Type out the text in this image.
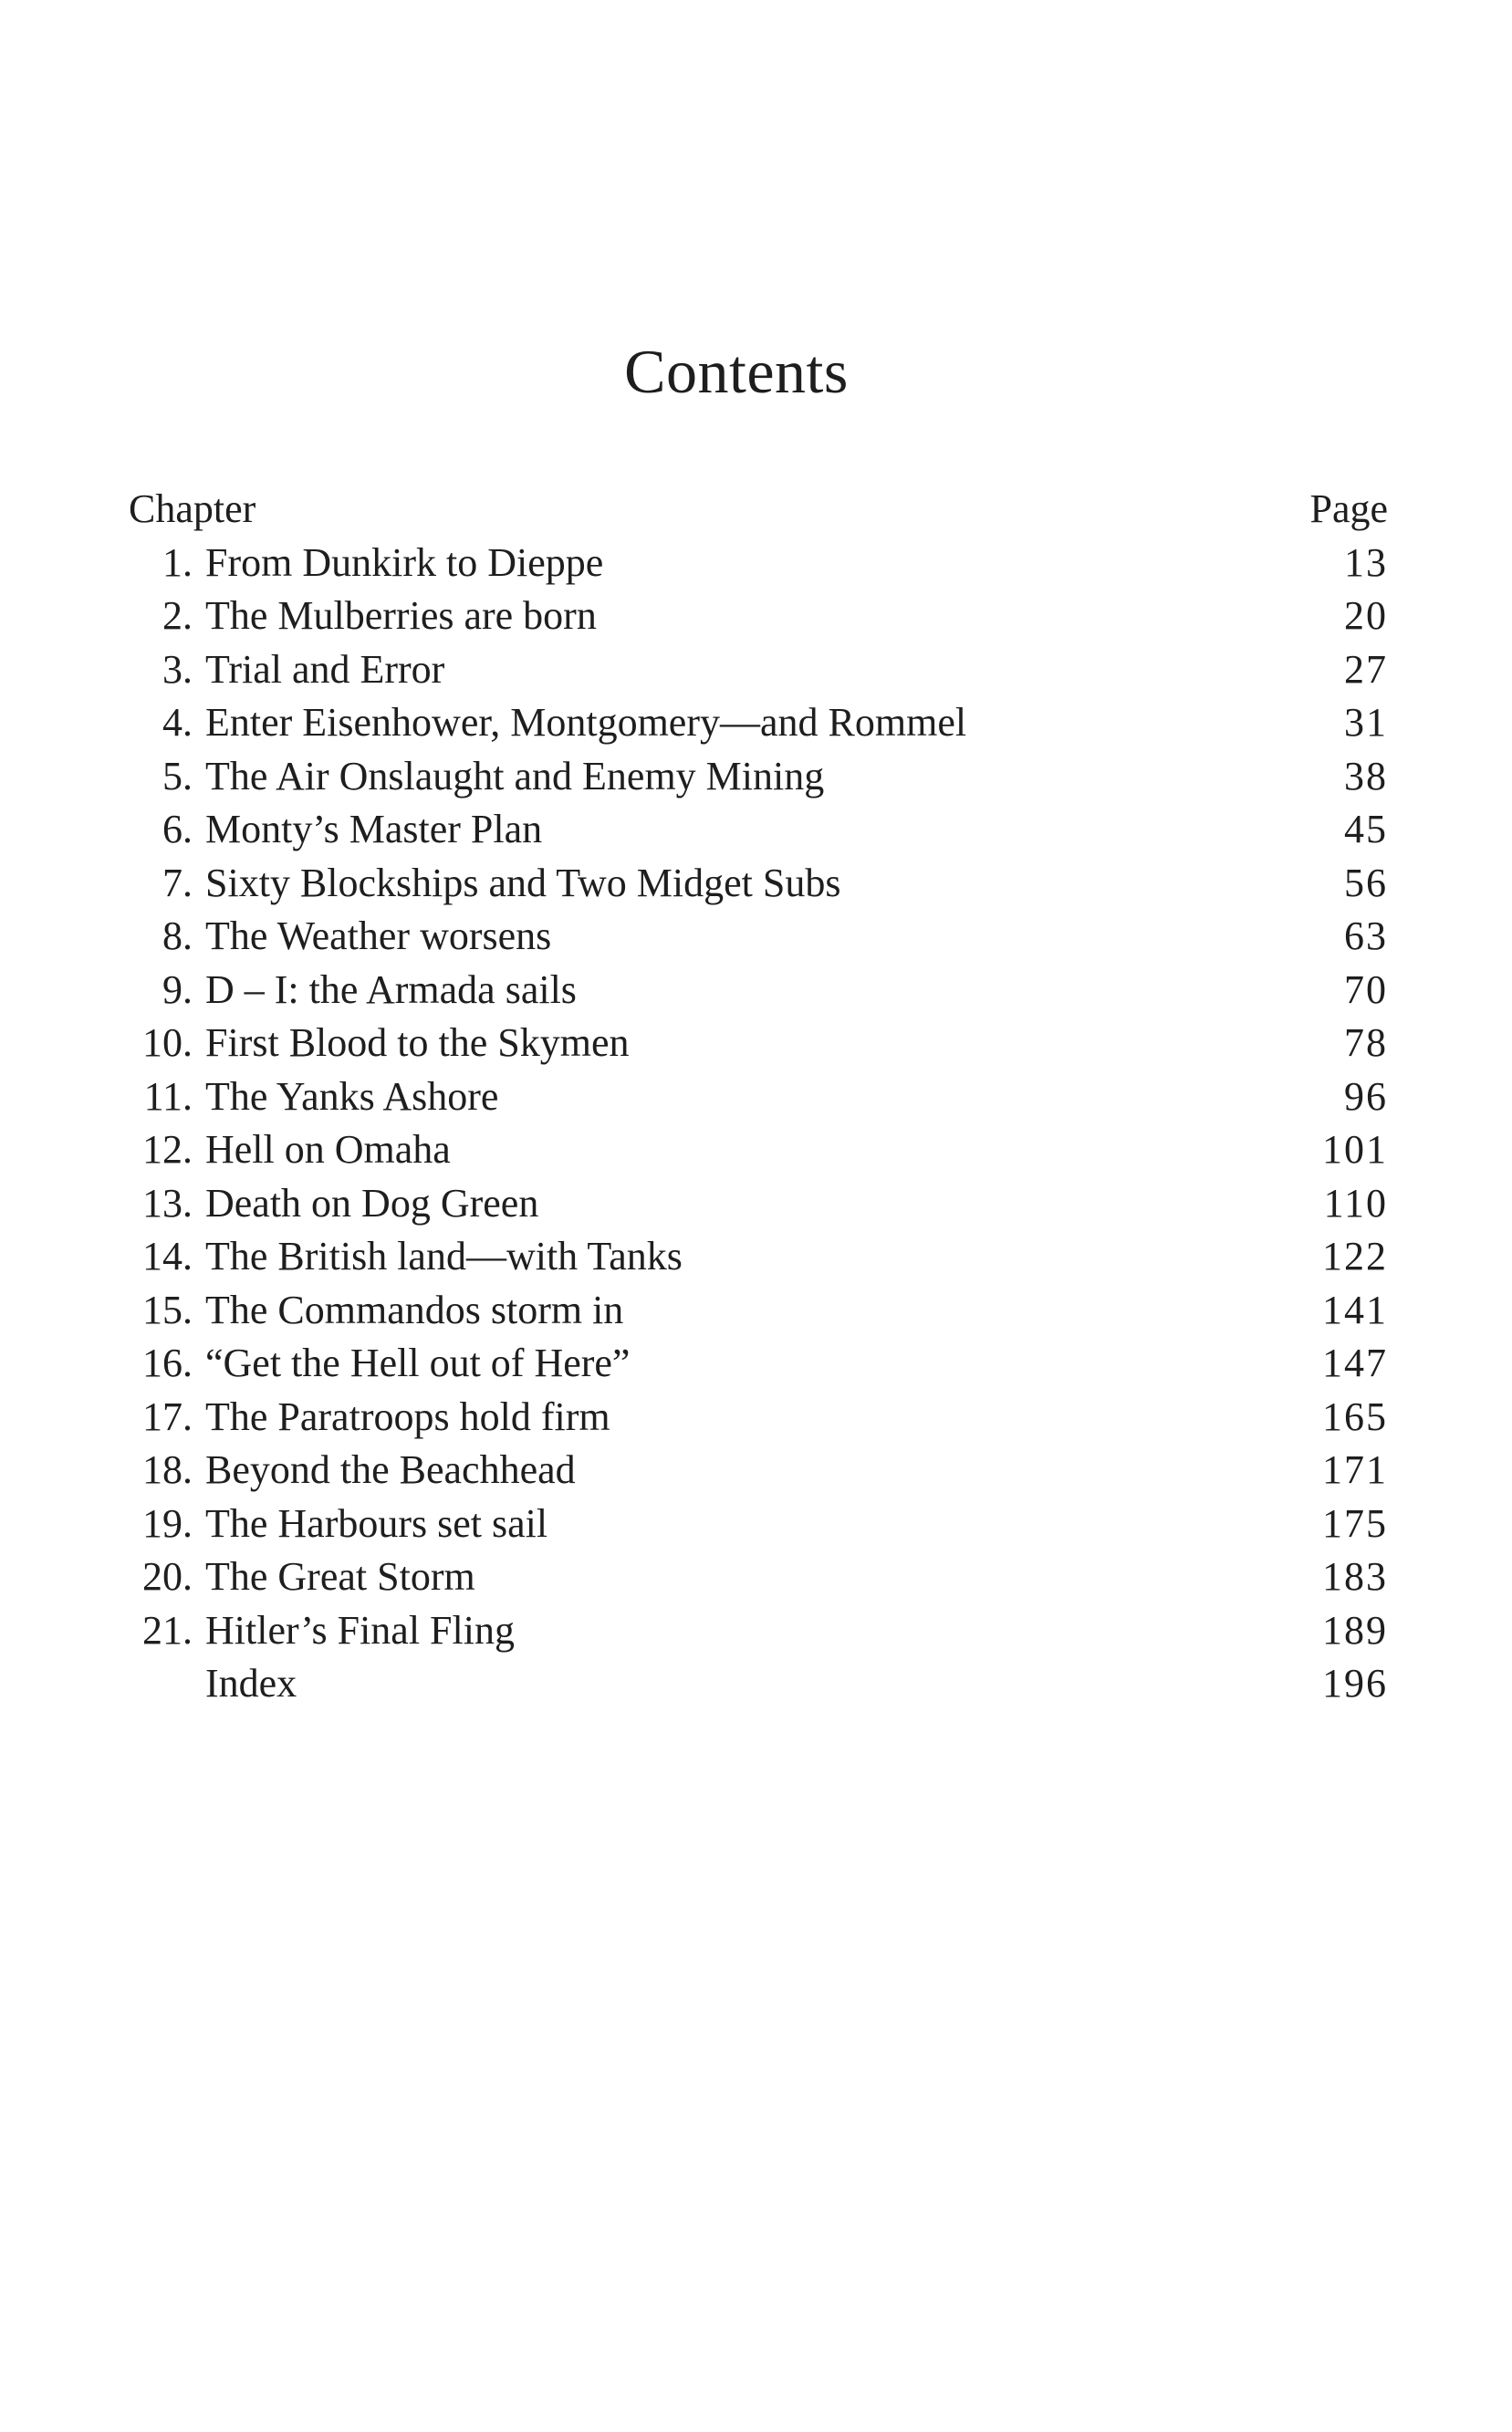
Contents
Chapter	Page
1. From Dunkirk to Dieppe	13
2. The Mulberries are born	20
3. Trial and Error	27
4. Enter Eisenhower, Montgomery—and Rommel	31
5. The Air Onslaught and Enemy Mining	38
6. Monty’s Master Plan	45
7. Sixty Blockships and Two Midget Subs	56
8. The Weather worsens	63
9. D – I: the Armada sails	70
10. First Blood to the Skymen	78
11. The Yanks Ashore	96
12. Hell on Omaha	101
13. Death on Dog Green	110
14. The British land—with Tanks	122
15. The Commandos storm in	141
16. “Get the Hell out of Here”	147
17. The Paratroops hold firm	165
18. Beyond the Beachhead	171
19. The Harbours set sail	175
20. The Great Storm	183
21. Hitler’s Final Fling	189
Index	196
